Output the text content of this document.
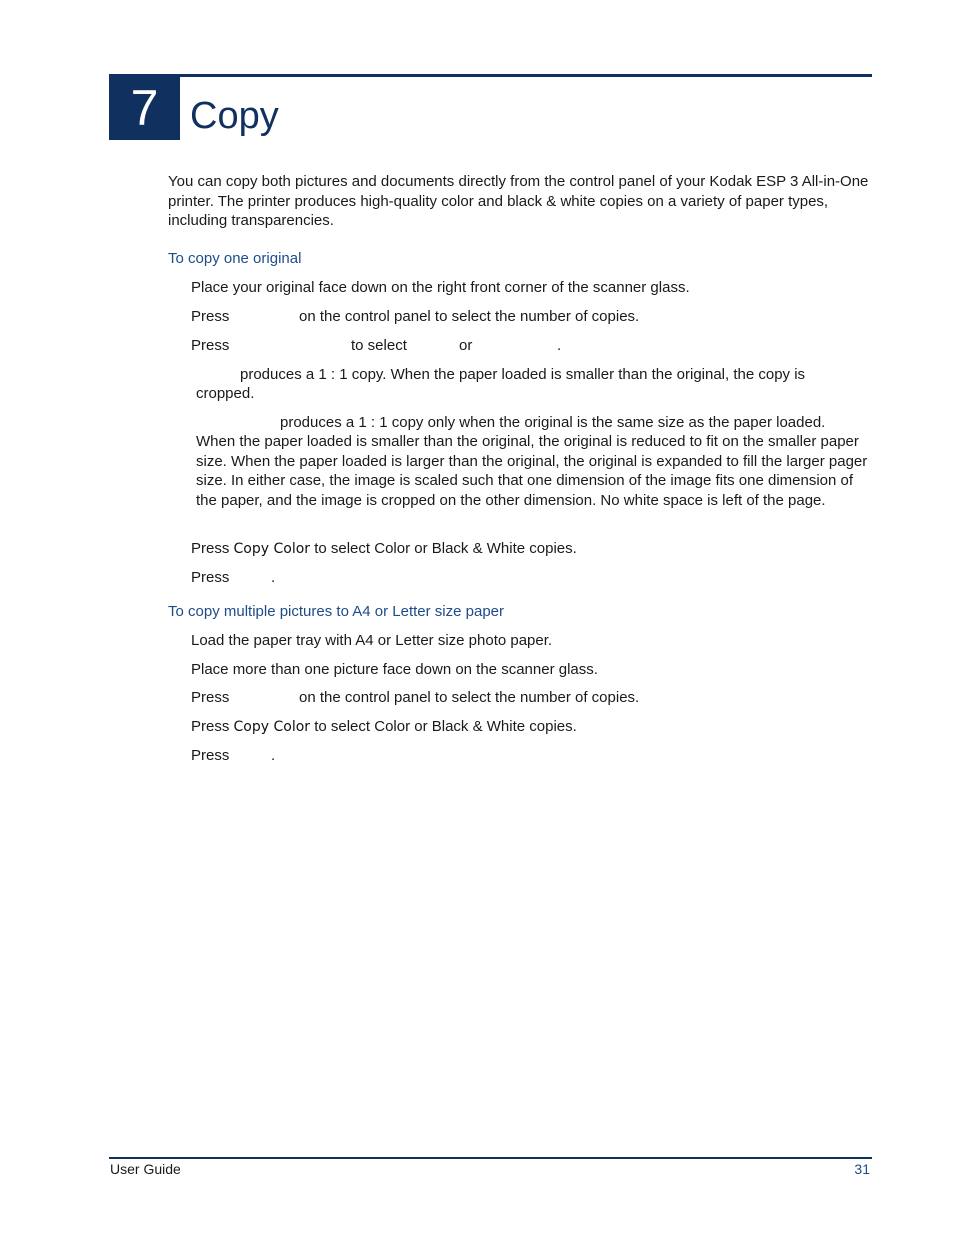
7 Copy
You can copy both pictures and documents directly from the control panel of your Kodak ESP 3 All-in-One printer. The printer produces high-quality color and black & white copies on a variety of paper types, including transparencies.
To copy one original
Place your original face down on the right front corner of the scanner glass.
Press	on the control panel to select the number of copies.
Press	to select	or	.
produces a 1 : 1 copy. When the paper loaded is smaller than the original, the copy is
cropped.
produces a 1 : 1 copy only when the original is the same size as the paper loaded.
When the paper loaded is smaller than the original, the original is reduced to fit on the smaller paper size. When the paper loaded is larger than the original, the original is expanded to fill the larger pager size. In either case, the image is scaled such that one dimension of the image fits one dimension of the paper, and the image is cropped on the other dimension. No white space is left of the page.
Press Copy Color to select Color or Black & White copies.
Press	.
To copy multiple pictures to A4 or Letter size paper
Load the paper tray with A4 or Letter size photo paper.
Place more than one picture face down on the scanner glass.
Press	on the control panel to select the number of copies.
Press Copy Color to select Color or Black & White copies.
Press	.
User Guide	31
